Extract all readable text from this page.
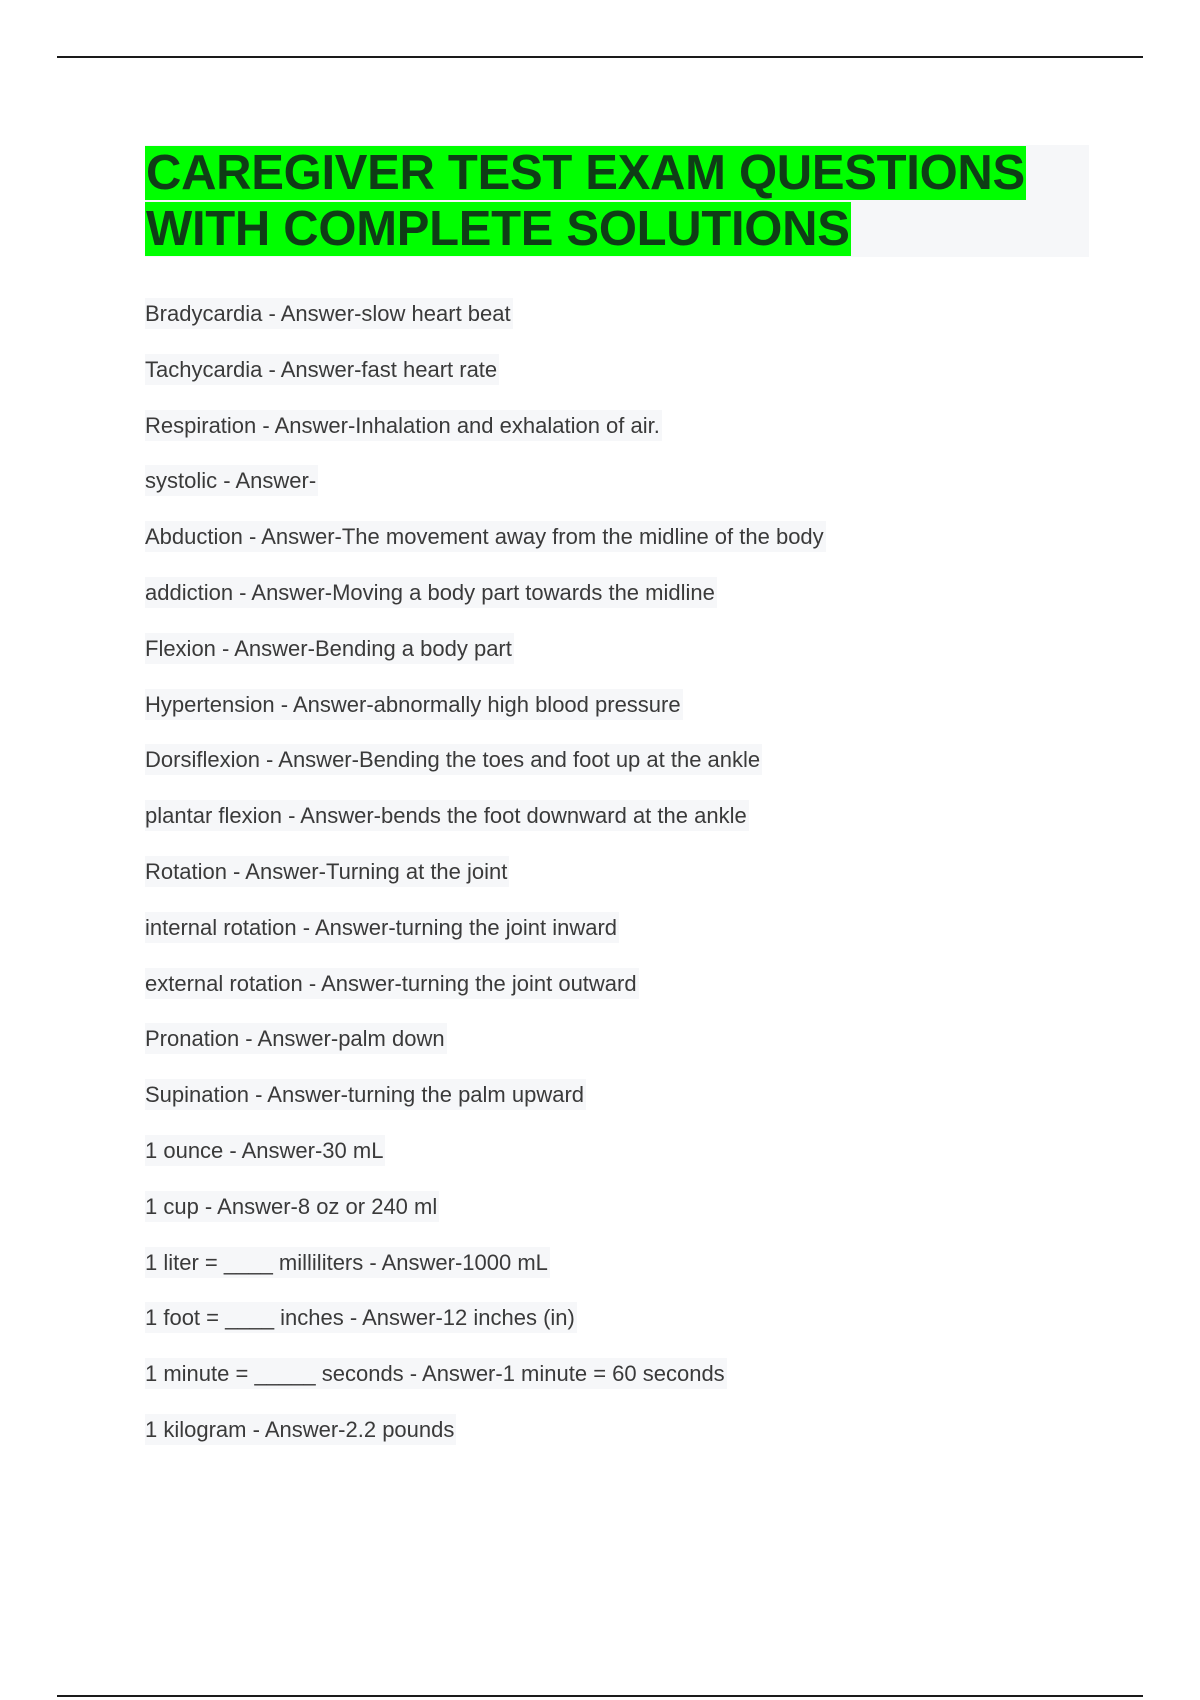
CAREGIVER TEST EXAM QUESTIONS
WITH COMPLETE SOLUTIONS
Bradycardia - Answer-slow heart beat
Tachycardia - Answer-fast heart rate
Respiration - Answer-Inhalation and exhalation of air.
systolic - Answer-
Abduction - Answer-The movement away from the midline of the body
addiction - Answer-Moving a body part towards the midline
Flexion - Answer-Bending a body part
Hypertension - Answer-abnormally high blood pressure
Dorsiflexion - Answer-Bending the toes and foot up at the ankle
plantar flexion - Answer-bends the foot downward at the ankle
Rotation - Answer-Turning at the joint
internal rotation - Answer-turning the joint inward
external rotation - Answer-turning the joint outward
Pronation - Answer-palm down
Supination - Answer-turning the palm upward
1 ounce - Answer-30 mL
1 cup - Answer-8 oz or 240 ml
1 liter = ____ milliliters - Answer-1000 mL
1 foot = ____ inches - Answer-12 inches (in)
1 minute = _____ seconds - Answer-1 minute = 60 seconds
1 kilogram - Answer-2.2 pounds
